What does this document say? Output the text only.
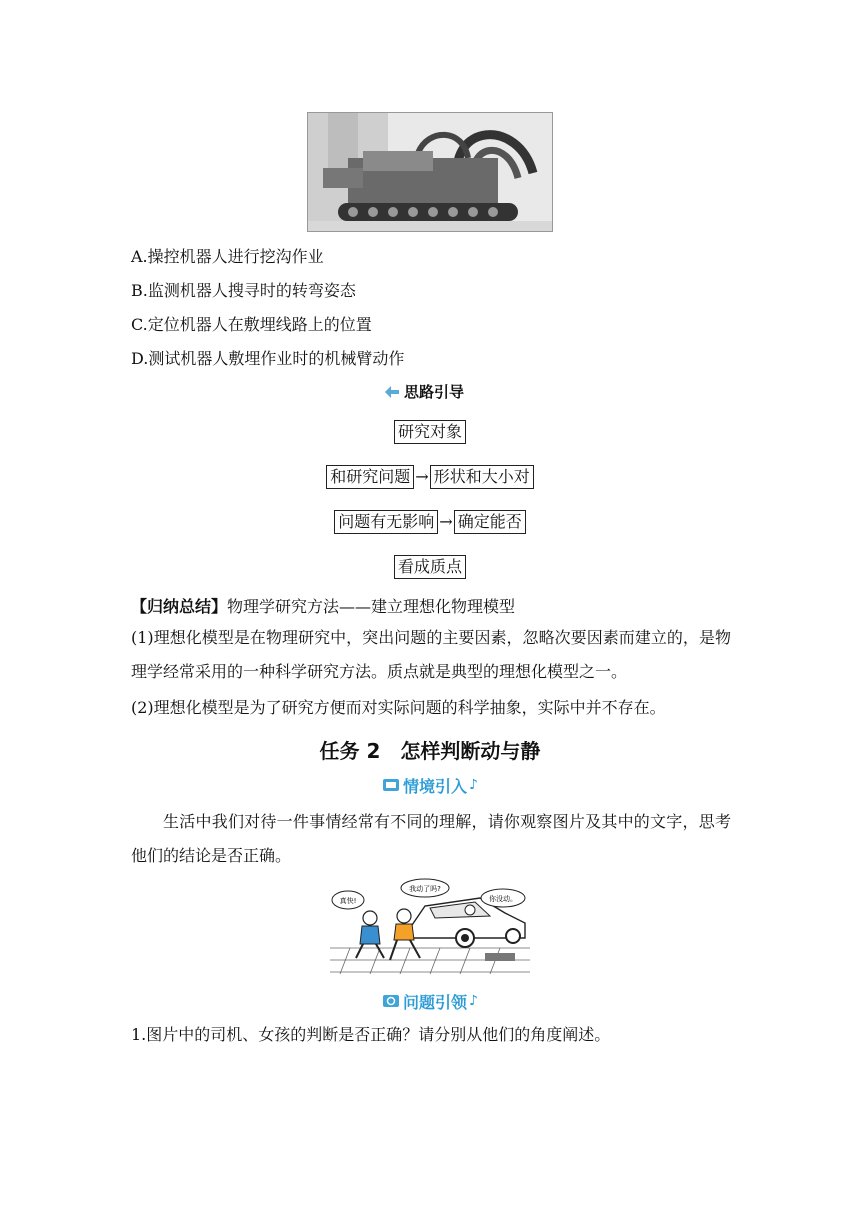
A.操控机器人进行挖沟作业
B.监测机器人搜寻时的转弯姿态
C.定位机器人在敷埋线路上的位置
D.测试机器人敷埋作业时的机械臂动作
思路引导
研究对象
和研究问题 → 形状和大小对
问题有无影响 → 确定能否
看成质点
【归纳总结】物理学研究方法——建立理想化物理模型
(1)理想化模型是在物理研究中，突出问题的主要因素，忽略次要因素而建立的，是物理学经常采用的一种科学研究方法。质点就是典型的理想化模型之一。
(2)理想化模型是为了研究方便而对实际问题的科学抽象，实际中并不存在。
任务 2　怎样判断动与静
情境引入 ♪
生活中我们对待一件事情经常有不同的理解，请你观察图片及其中的文字，思考他们的结论是否正确。
真快!
我动了吗?
你没动。
问题引领 ♪
1.图片中的司机、女孩的判断是否正确？请分别从他们的角度阐述。
